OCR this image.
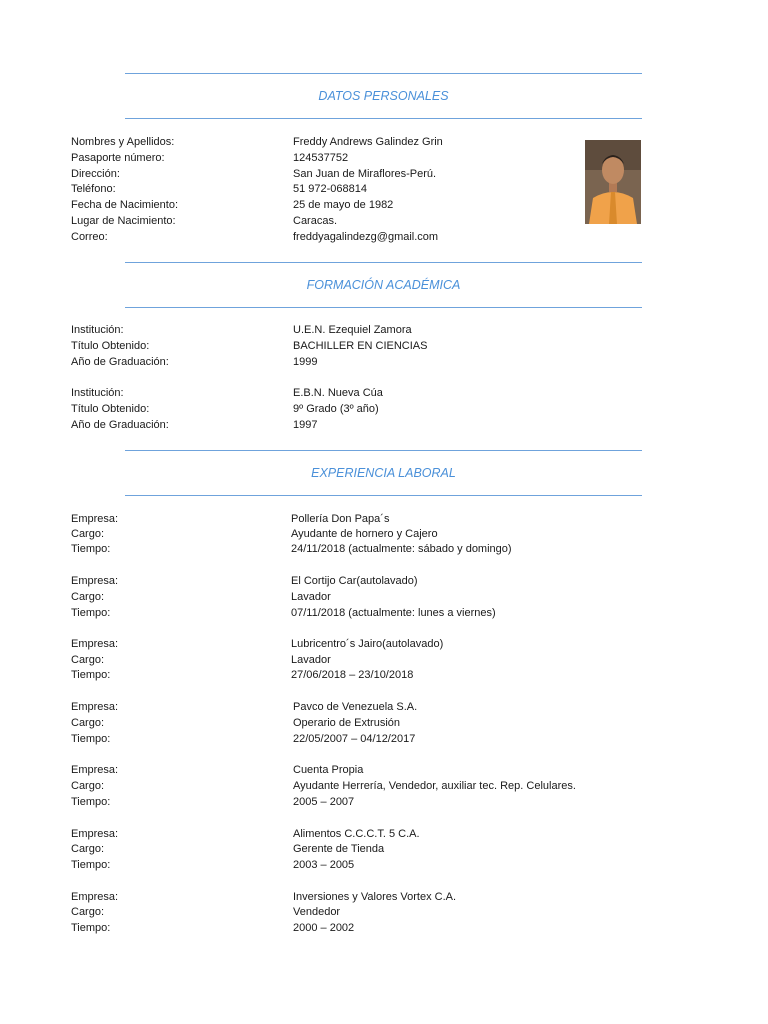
DATOS PERSONALES
Nombres y Apellidos:	Freddy Andrews Galindez Grin
Pasaporte número:	124537752
Dirección:	San Juan de Miraflores-Perú.
Teléfono:	51 972-068814
Fecha de Nacimiento:	25 de mayo de 1982
Lugar de Nacimiento:	Caracas.
Correo:	freddyagalindezg@gmail.com
FORMACIÓN ACADÉMICA
Institución:	U.E.N. Ezequiel Zamora
Título Obtenido:	BACHILLER EN CIENCIAS
Año de Graduación:	1999
Institución:	E.B.N. Nueva Cúa
Título Obtenido:	9º Grado (3º año)
Año de Graduación:	1997
EXPERIENCIA LABORAL
Empresa:	Pollería Don Papa´s
Cargo:	Ayudante de hornero y Cajero
Tiempo:	24/11/2018 (actualmente: sábado y domingo)
Empresa:	El Cortijo Car(autolavado)
Cargo:	Lavador
Tiempo:	07/11/2018 (actualmente: lunes a viernes)
Empresa:	Lubricentro´s Jairo(autolavado)
Cargo:	Lavador
Tiempo:	27/06/2018 – 23/10/2018
Empresa:	Pavco de Venezuela S.A.
Cargo:	Operario de Extrusión
Tiempo:	22/05/2007 – 04/12/2017
Empresa:	Cuenta Propia
Cargo:	Ayudante Herrería, Vendedor, auxiliar tec. Rep. Celulares.
Tiempo:	2005 – 2007
Empresa:	Alimentos C.C.C.T. 5 C.A.
Cargo:	Gerente de Tienda
Tiempo:	2003 – 2005
Empresa:	Inversiones y Valores Vortex C.A.
Cargo:	Vendedor
Tiempo:	2000 – 2002
